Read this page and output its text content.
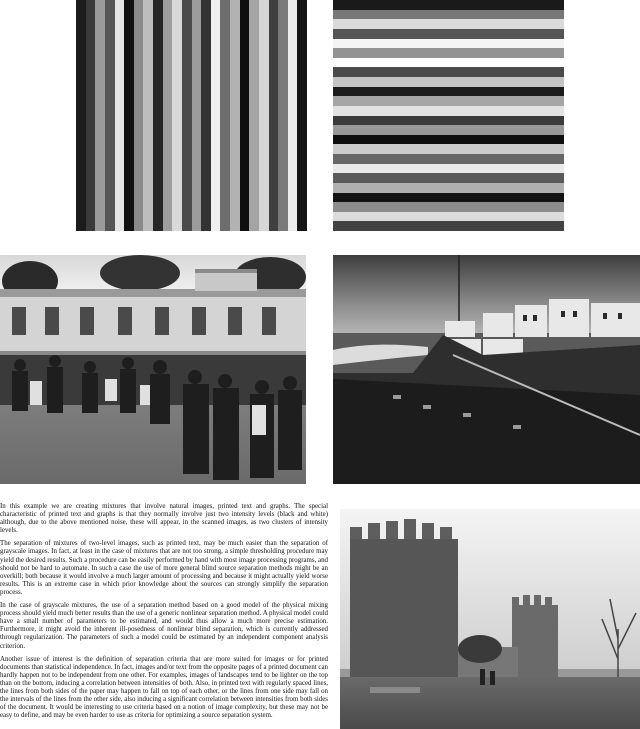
In this example we are creating mixtures that involve natural images, printed text and graphs. The special characteristic of printed text and graphs is that they normally involve just two intensity levels (black and white) although, due to the above mentioned noise, these will appear, in the scanned images, as two clusters of intensity levels.

The separation of mixtures of two-level images, such as printed text, may be much easier than the separation of grayscale images. In fact, at least in the case of mixtures that are not too strong, a simple thresholding procedure may yield the desired results. Such a procedure can be easily performed by hand with most image processing programs, and should not be hard to automate. In such a case the use of more general blind source separation methods might be an overkill; both because it would involve a much larger amount of processing and because it might actually yield worse results. This is an extreme case in which prior knowledge about the sources can strongly simplify the separation process.

In the case of grayscale mixtures, the use of a separation method based on a good model of the physical mixing process should yield much better results than the use of a generic nonlinear separation method. A physical model could have a small number of parameters to be estimated, and would thus allow a much more precise estimation. Furthermore, it might avoid the inherent ill-posedness of nonlinear blind separation, which is currently addressed through regularization. The parameters of such a model could be estimated by an independent component analysis criterion.

Another issue of interest is the definition of separation criteria that are more suited for images or for printed documents than statistical independence. In fact, images and/or text from the opposite pages of a printed document can hardly happen not to be independent from one other. For examples, images of landscapes tend to be lighter on the top than on the bottom, inducing a correlation between intensities of both. Also, in printed text with regularly spaced lines, the lines from both sides of the paper may happen to fall on top of each other, or the lines from one side may fall on the intervals of the lines from the other side, also inducing a significant correlation between intensities from both sides of the document. It would be interesting to use criteria based on a notion of image complexity, but these may not be easy to define, and may be even harder to use as criteria for optimizing a source separation system.
